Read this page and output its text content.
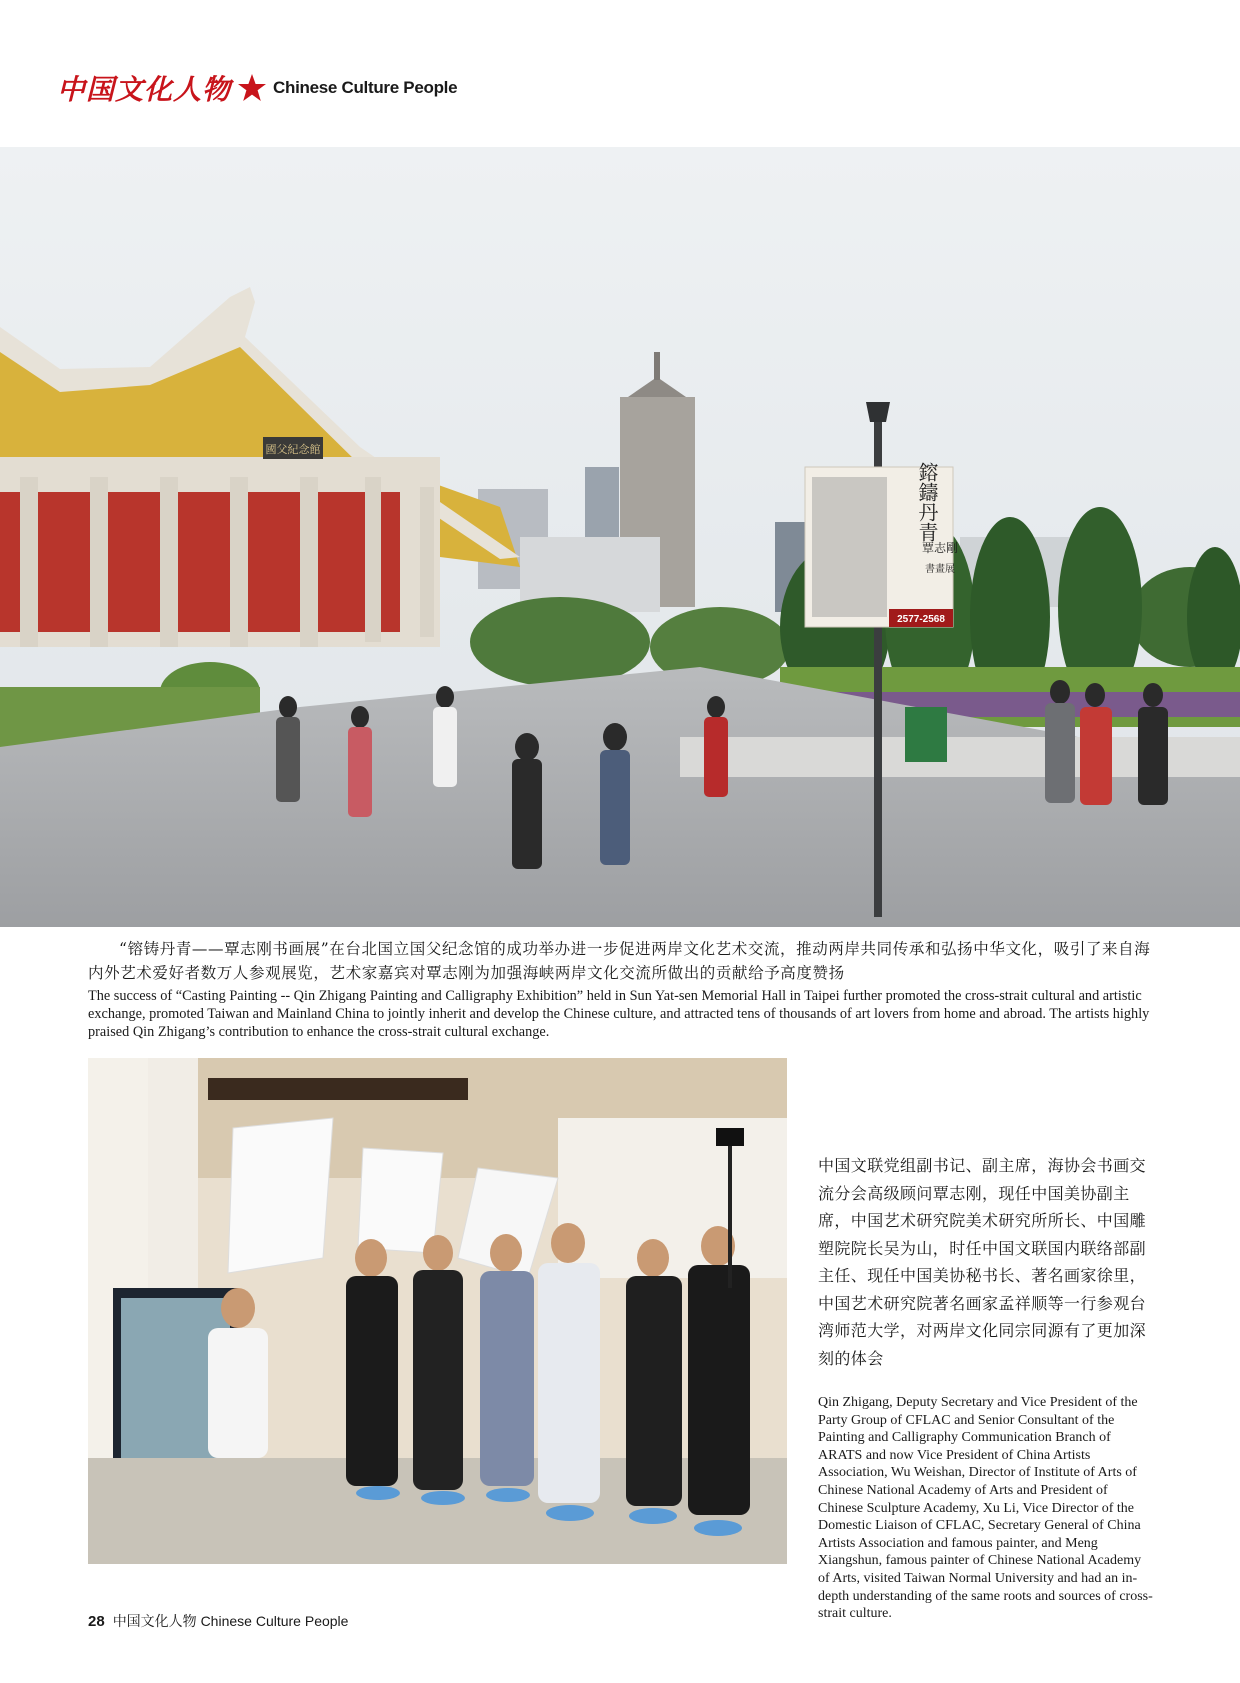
中国文化人物 Chinese Culture People
國父紀念館
鎔鑄丹青
覃志剛
書畫展
2577-2568

“镕铸丹青——覃志刚书画展”在台北国立国父纪念馆的成功举办进一步促进两岸文化艺术交流，推动两岸共同传承和弘扬中华文化，吸引了来自海内外艺术爱好者数万人参观展览，艺术家嘉宾对覃志刚为加强海峡两岸文化交流所做出的贡献给予高度赞扬

The success of “Casting Painting -- Qin Zhigang Painting and Calligraphy Exhibition” held in Sun Yat-sen Memorial Hall in Taipei further promoted the cross-strait cultural and artistic exchange, promoted Taiwan and Mainland China to jointly inherit and develop the Chinese culture, and attracted tens of thousands of art lovers from home and abroad. The artists highly praised Qin Zhigang’s contribution to enhance the cross-strait cultural exchange.

中国文联党组副书记、副主席，海协会书画交流分会高级顾问覃志刚，现任中国美协副主席，中国艺术研究院美术研究所所长、中国雕塑院院长吴为山，时任中国文联国内联络部副主任、现任中国美协秘书长、著名画家徐里，中国艺术研究院著名画家孟祥顺等一行参观台湾师范大学，对两岸文化同宗同源有了更加深刻的体会

Qin Zhigang, Deputy Secretary and Vice President of the Party Group of CFLAC and Senior Consultant of the Painting and Calligraphy Communication Branch of ARATS and now Vice President of China Artists Association, Wu Weishan, Director of Institute of Arts of Chinese National Academy of Arts and President of Chinese Sculpture Academy, Xu Li, Vice Director of the Domestic Liaison of CFLAC, Secretary General of China Artists Association and famous painter, and Meng Xiangshun, famous painter of Chinese National Academy of Arts, visited Taiwan Normal University and had an in-depth understanding of the same roots and sources of cross-strait culture.

28 中国文化人物 Chinese Culture People
